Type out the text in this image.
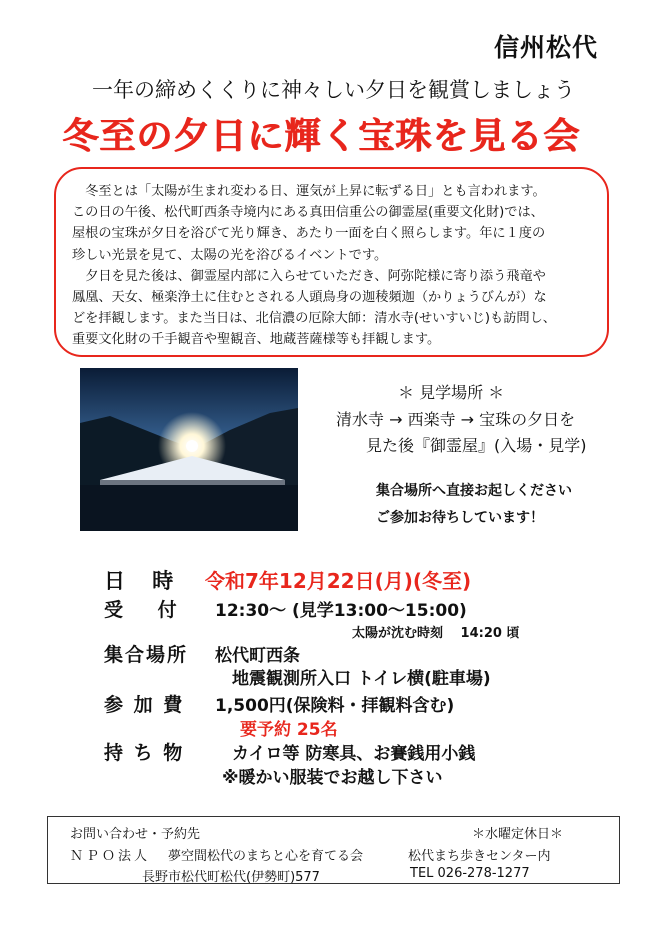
信州松代
一年の締めくくりに神々しい夕日を観賞しましょう
冬至の夕日に輝く宝珠を見る会

冬至とは「太陽が生まれ変わる日、運気が上昇に転ずる日」とも言われます。

この日の午後、松代町西条寺境内にある真田信重公の御霊屋(重要文化財)では、
屋根の宝珠が夕日を浴びて光り輝き、あたり一面を白く照らします。年に１度の
珍しい光景を見て、太陽の光を浴びるイベントです。

夕日を見た後は、御霊屋内部に入らせていただき、阿弥陀様に寄り添う飛竜や

鳳凰、天女、極楽浄土に住むとされる人頭鳥身の迦稜頻迦（かりょうびんが）な
どを拝観します。また当日は、北信濃の厄除大師：清水寺(せいすいじ)も訪問し、
重要文化財の千手観音や聖観音、地蔵菩薩様等も拝観します。
＊ 見学場所 ＊
清水寺 → 西楽寺 → 宝珠の夕日を
見た後『御霊屋』(入場・見学)
集合場所へ直接お起しください
ご参加お待ちしています！
日 時 令和7年12月22日(月)(冬至)
受 付 12:30～ (見学13:00～15:00)
太陽が沈む時刻　 14:20 頃
集合場所 松代町西条
地震観測所入口 トイレ横(駐車場)
参 加 費 1,500円(保険料・拝観料含む)
要予約 25名
持 ち 物	カイロ等 防寒具、お賽銭用小銭
※暖かい服装でお越し下さい
お問い合わせ・予約先	＊水曜定休日＊
ＮＰＯ法人 夢空間松代のまちと心を育てる会	松代まち歩きセンター内
長野市松代町松代(伊勢町)577	TEL 026-278-1277
